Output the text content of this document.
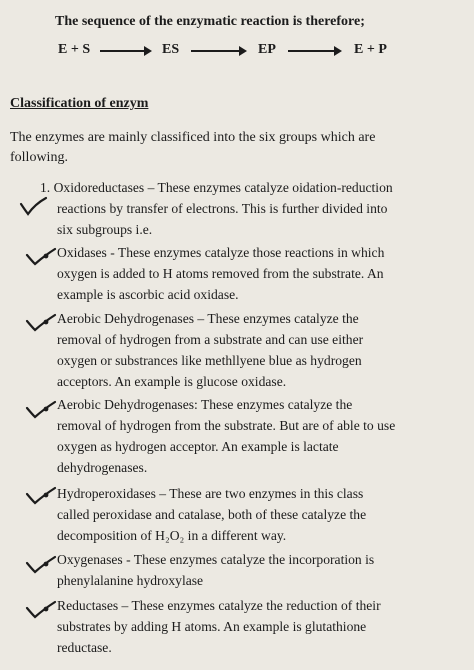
The sequence of the enzymatic reaction is therefore;
E + S	ES	EP	E + P
Classification of enzym
The enzymes are mainly classificed into the six groups which are
following.
1. Oxidoreductases – These enzymes catalyze oidation-reduction
reactions by transfer of electrons. This is further divided into
six subgroups i.e.
Oxidases - These enzymes catalyze those reactions in which
oxygen is added to H atoms removed from the substrate. An
example is ascorbic acid oxidase.
Aerobic Dehydrogenases – These enzymes catalyze the
removal of hydrogen from a substrate and can use either
oxygen or substrances like methllyene blue as hydrogen
acceptors. An example is glucose oxidase.
Aerobic Dehydrogenases: These enzymes catalyze the
removal of hydrogen from the substrate. But are of able to use
oxygen as hydrogen acceptor. An example is lactate
dehydrogenases.
Hydroperoxidases – These are two enzymes in this class
called peroxidase and catalase, both of these catalyze the
decomposition of H₂O₂ in a different way.
Oxygenases - These enzymes catalyze the incorporation is
phenylalanine hydroxylase
Reductases – These enzymes catalyze the reduction of their
substrates by adding H atoms. An example is glutathione
reductase.
